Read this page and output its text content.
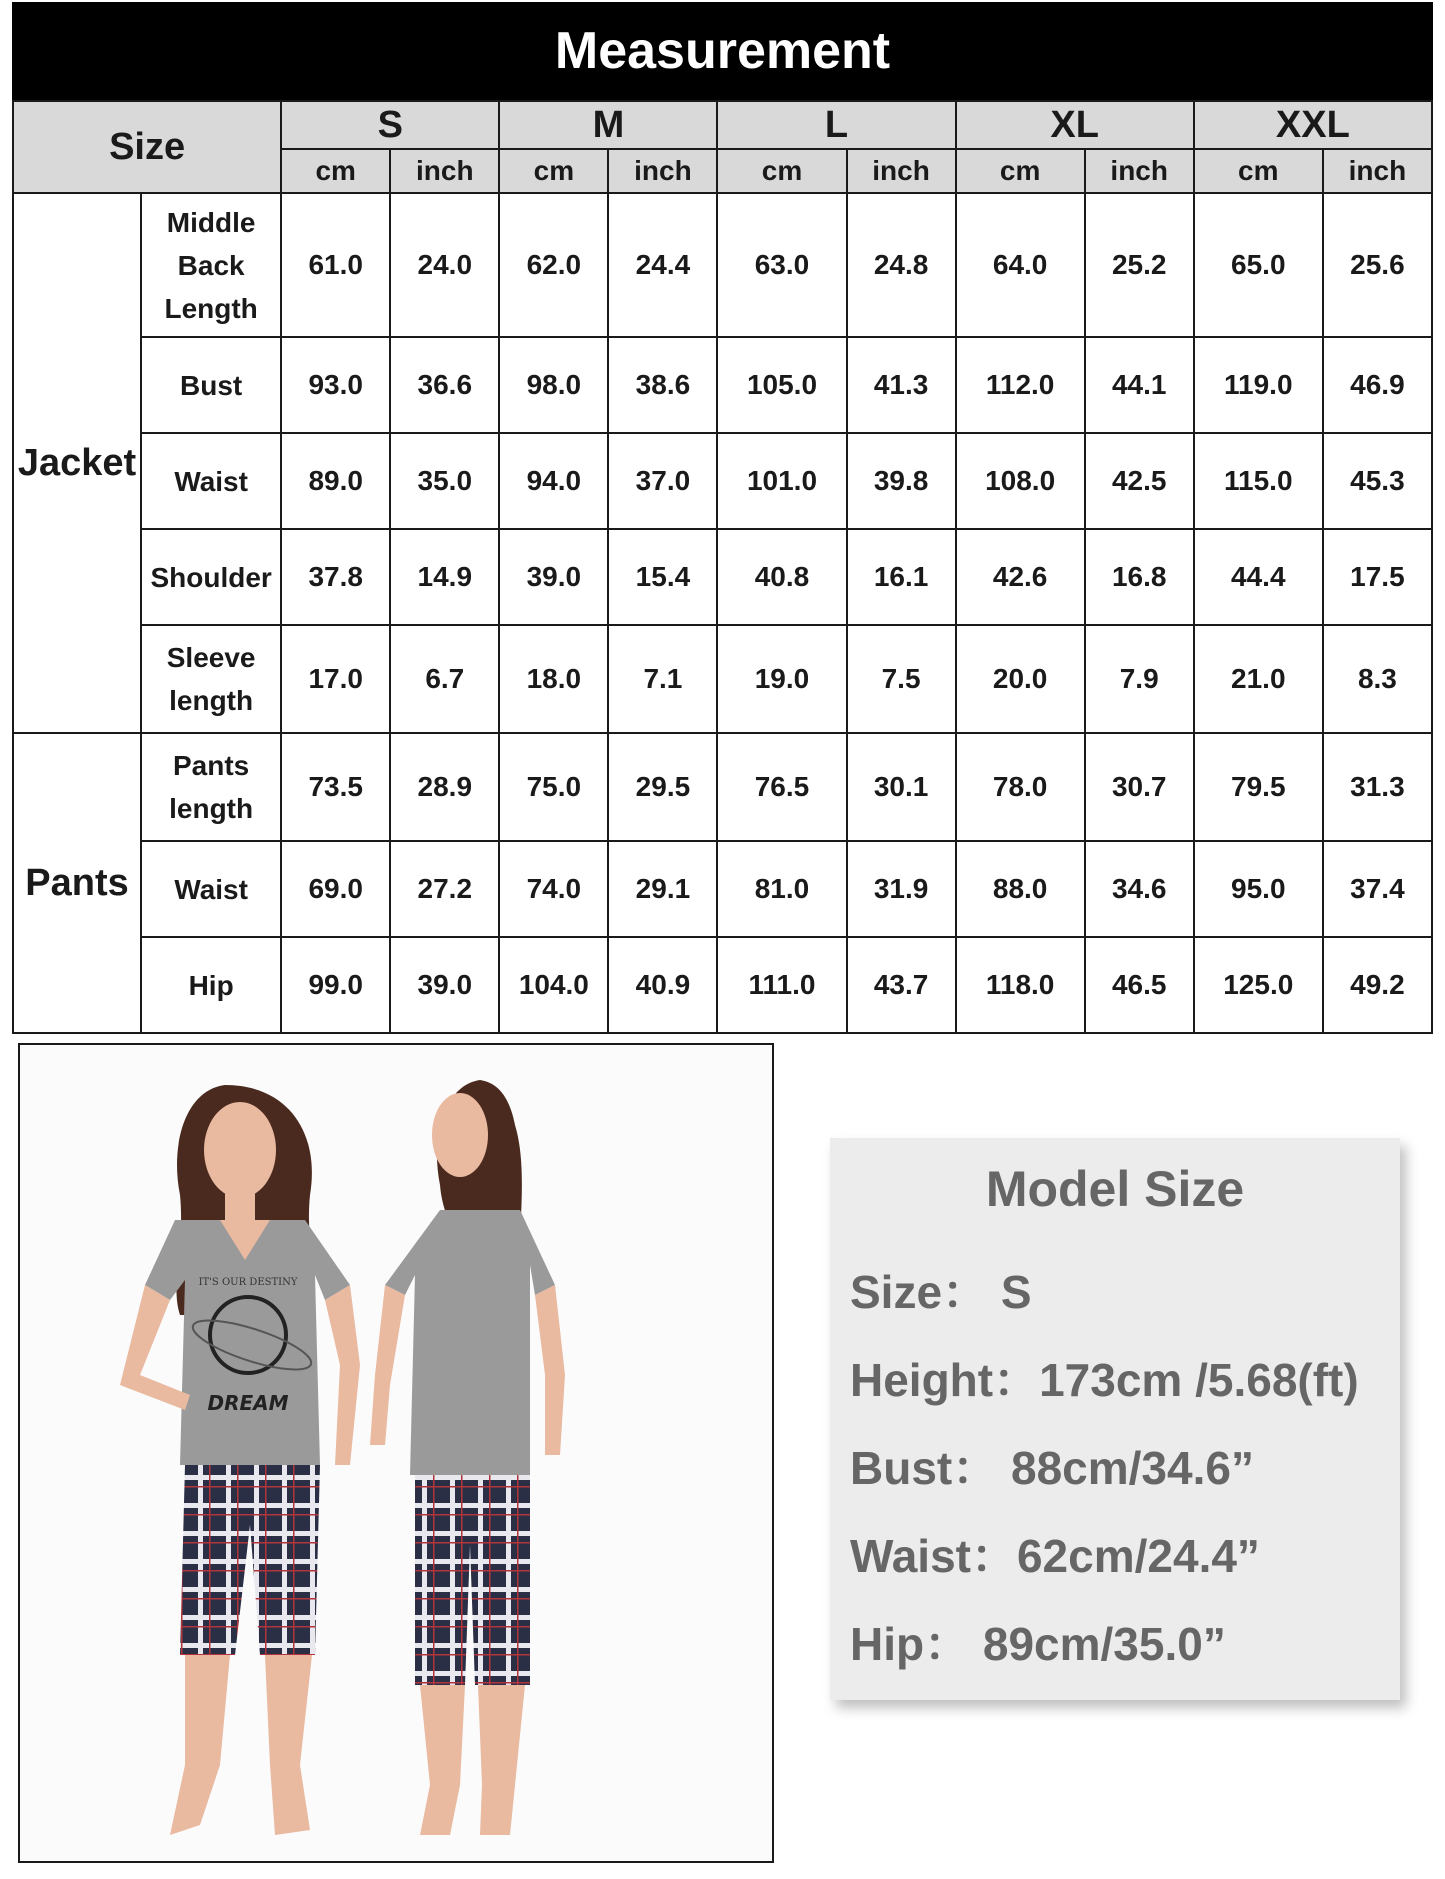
Measurement
Size		S		M		L		XL		XXL	
		cm	inch	cm	inch	cm	inch	cm	inch	cm	inch
Jacket	Middle Back Length	61.0	24.0	62.0	24.4	63.0	24.8	64.0	25.2	65.0	25.6
	Bust	93.0	36.6	98.0	38.6	105.0	41.3	112.0	44.1	119.0	46.9
	Waist	89.0	35.0	94.0	37.0	101.0	39.8	108.0	42.5	115.0	45.3
	Shoulder	37.8	14.9	39.0	15.4	40.8	16.1	42.6	16.8	44.4	17.5
	Sleeve length	17.0	6.7	18.0	7.1	19.0	7.5	20.0	7.9	21.0	8.3
Pants	Pants length	73.5	28.9	75.0	29.5	76.5	30.1	78.0	30.7	79.5	31.3
	Waist	69.0	27.2	74.0	29.1	81.0	31.9	88.0	34.6	95.0	37.4
	Hip	99.0	39.0	104.0	40.9	111.0	43.7	118.0	46.5	125.0	49.2
IT'S OUR DESTINY
DREAM
Model Size
Size： S
Height：173cm /5.68(ft)
Bust： 88cm/34.6”
Waist：62cm/24.4”
Hip： 89cm/35.0”
